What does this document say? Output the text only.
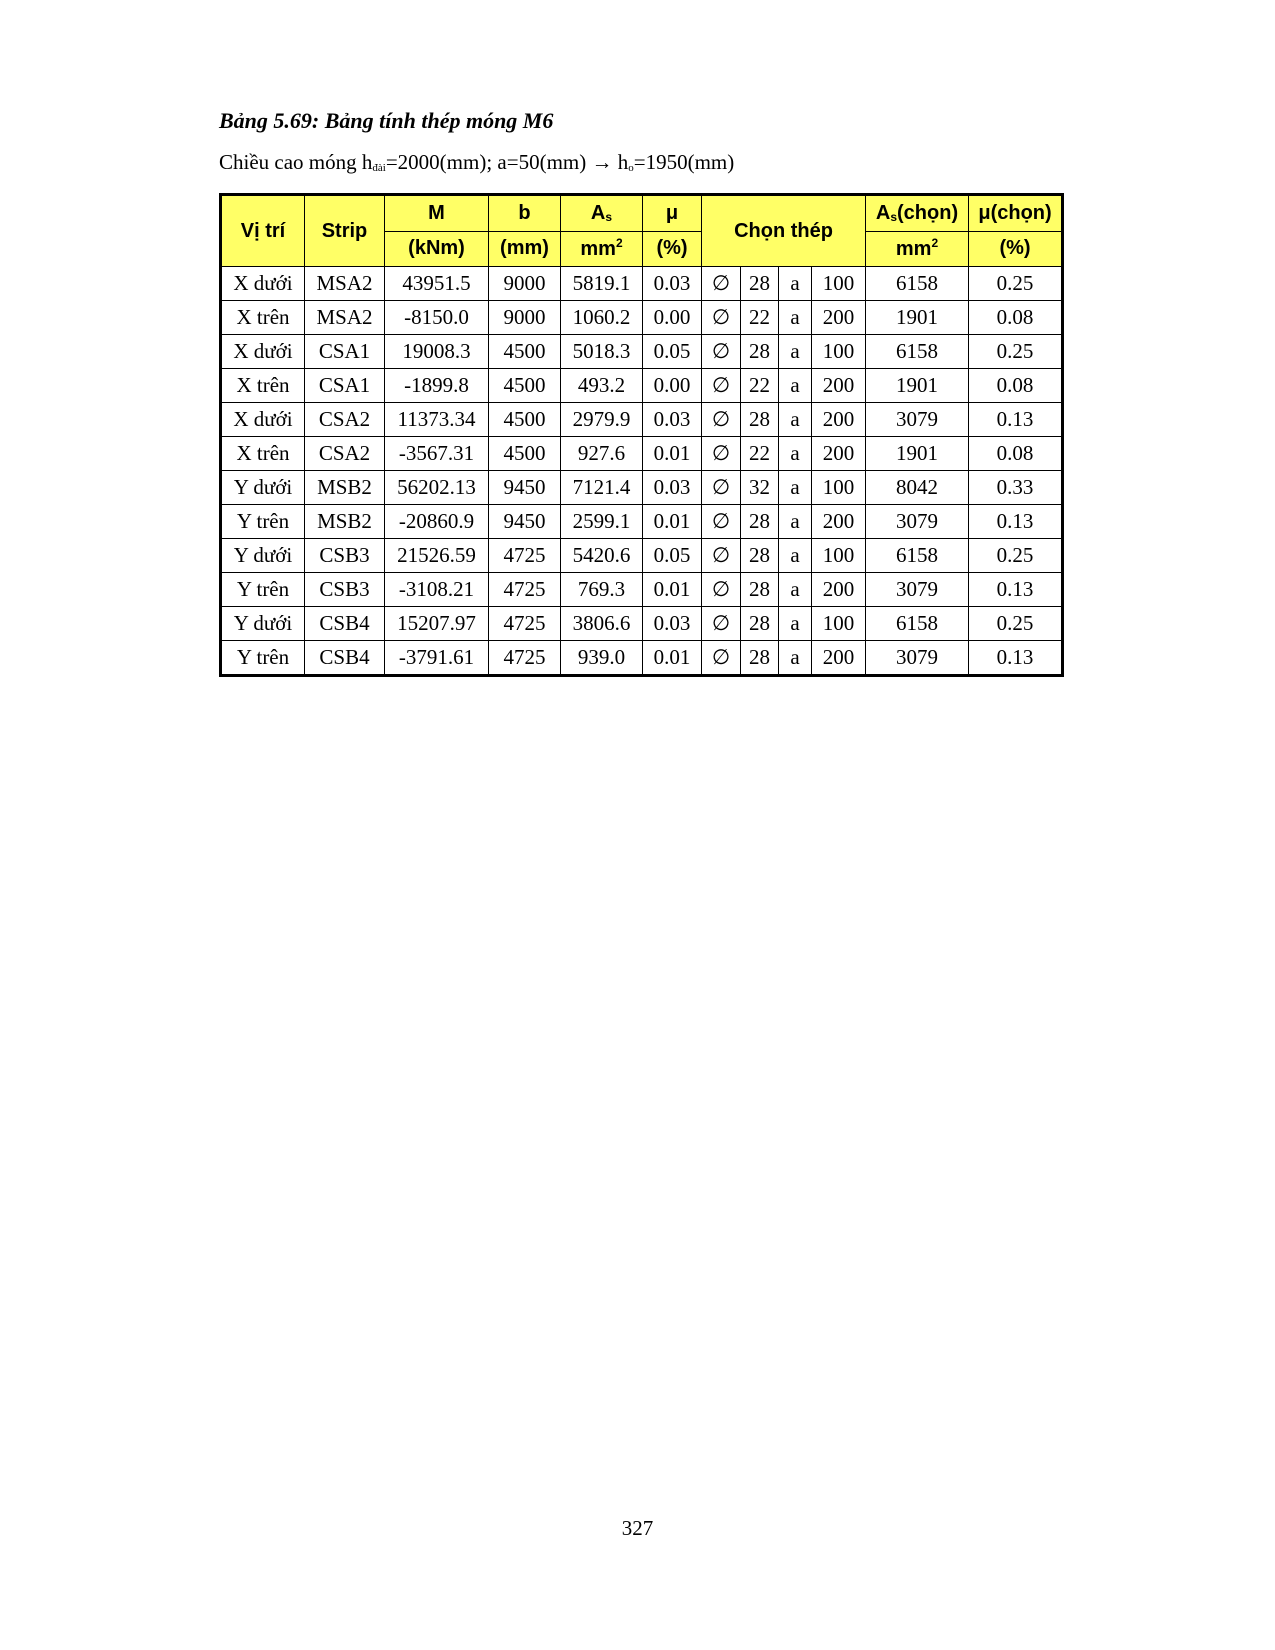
Bảng 5.69: Bảng tính thép móng M6
Chiều cao móng $h_{đài}=2000(mm)$; $a=50(mm) \to h_o=1950(mm)$
Vị trí	Strip	M	b	$A_s$	μ	Chọn thép				$A_s(chọn)$	μ(chọn)
		(kNm)	(mm)	$mm^2$	(%)					$mm^2$	(%)
X dưới	MSA2	43951.5	9000	5819.1	0.03	∅	28	a	100	6158	0.25
X trên	MSA2	-8150.0	9000	1060.2	0.00	∅	22	a	200	1901	0.08
X dưới	CSA1	19008.3	4500	5018.3	0.05	∅	28	a	100	6158	0.25
X trên	CSA1	-1899.8	4500	493.2	0.00	∅	22	a	200	1901	0.08
X dưới	CSA2	11373.34	4500	2979.9	0.03	∅	28	a	200	3079	0.13
X trên	CSA2	-3567.31	4500	927.6	0.01	∅	22	a	200	1901	0.08
Y dưới	MSB2	56202.13	9450	7121.4	0.03	∅	32	a	100	8042	0.33
Y trên	MSB2	-20860.9	9450	2599.1	0.01	∅	28	a	200	3079	0.13
Y dưới	CSB3	21526.59	4725	5420.6	0.05	∅	28	a	100	6158	0.25
Y trên	CSB3	-3108.21	4725	769.3	0.01	∅	28	a	200	3079	0.13
Y dưới	CSB4	15207.97	4725	3806.6	0.03	∅	28	a	100	6158	0.25
Y trên	CSB4	-3791.61	4725	939.0	0.01	∅	28	a	200	3079	0.13
327
